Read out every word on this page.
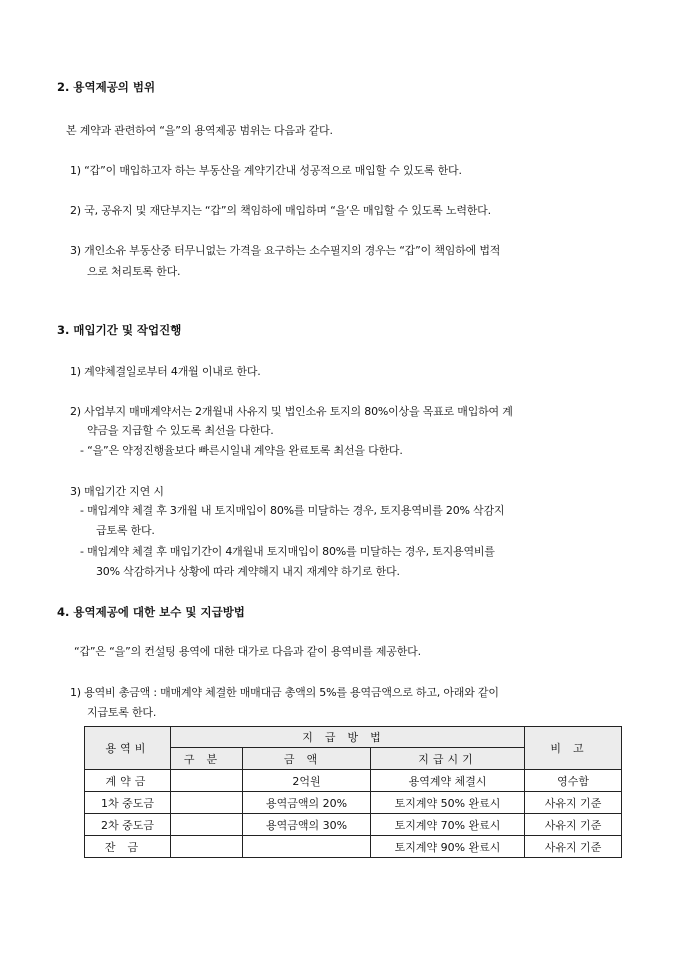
2. 용역제공의 범위
본 계약과 관련하여 “을”의 용역제공 범위는 다음과 같다.
1) “갑”이 매입하고자 하는 부동산을 계약기간내 성공적으로 매입할 수 있도록 한다.
2) 국, 공유지 및 재단부지는 “갑”의 책임하에 매입하며 “을‘은 매입할 수 있도록 노력한다.
3) 개인소유 부동산중 터무니없는 가격을 요구하는 소수필지의 경우는 “갑”이 책임하에 법적
으로 처리토록 한다.
3. 매입기간 및 작업진행
1) 계약체결일로부터 4개월 이내로 한다.
2) 사업부지 매매계약서는 2개월내 사유지 및 법인소유 토지의 80%이상을 목표로 매입하여 계
약금을 지급할 수 있도록 최선을 다한다.
- “을”은 약정진행율보다 빠른시일내 계약을 완료토록 최선을 다한다.
3) 매입기간 지연 시
- 매입계약 체결 후 3개월 내 토지매입이 80%를 미달하는 경우, 토지용역비를 20% 삭감지
급토록 한다.
- 매입계약 체결 후 매입기간이 4개월내 토지매입이 80%를 미달하는 경우, 토지용역비를
30% 삭감하거나 상황에 따라 계약해지 내지 재계약 하기로 한다.
4. 용역제공에 대한 보수 및 지급방법
“갑”은 “을”의 컨설팅 용역에 대한 대가로 다음과 같이 용역비를 제공한다.
1) 용역비 총금액 : 매매계약 체결한 매매대금 총액의 5%를 용역금액으로 하고, 아래와 같이
지급토록 한다.
용역비	지급방법			비고
	구분	금액	지급시기	
계약금		2억원	용역계약 체결시	영수함
1차 중도금		용역금액의 20%	토지계약 50% 완료시	사유지 기준
2차 중도금		용역금액의 30%	토지계약 70% 완료시	사유지 기준
잔금			토지계약 90% 완료시	사유지 기준
